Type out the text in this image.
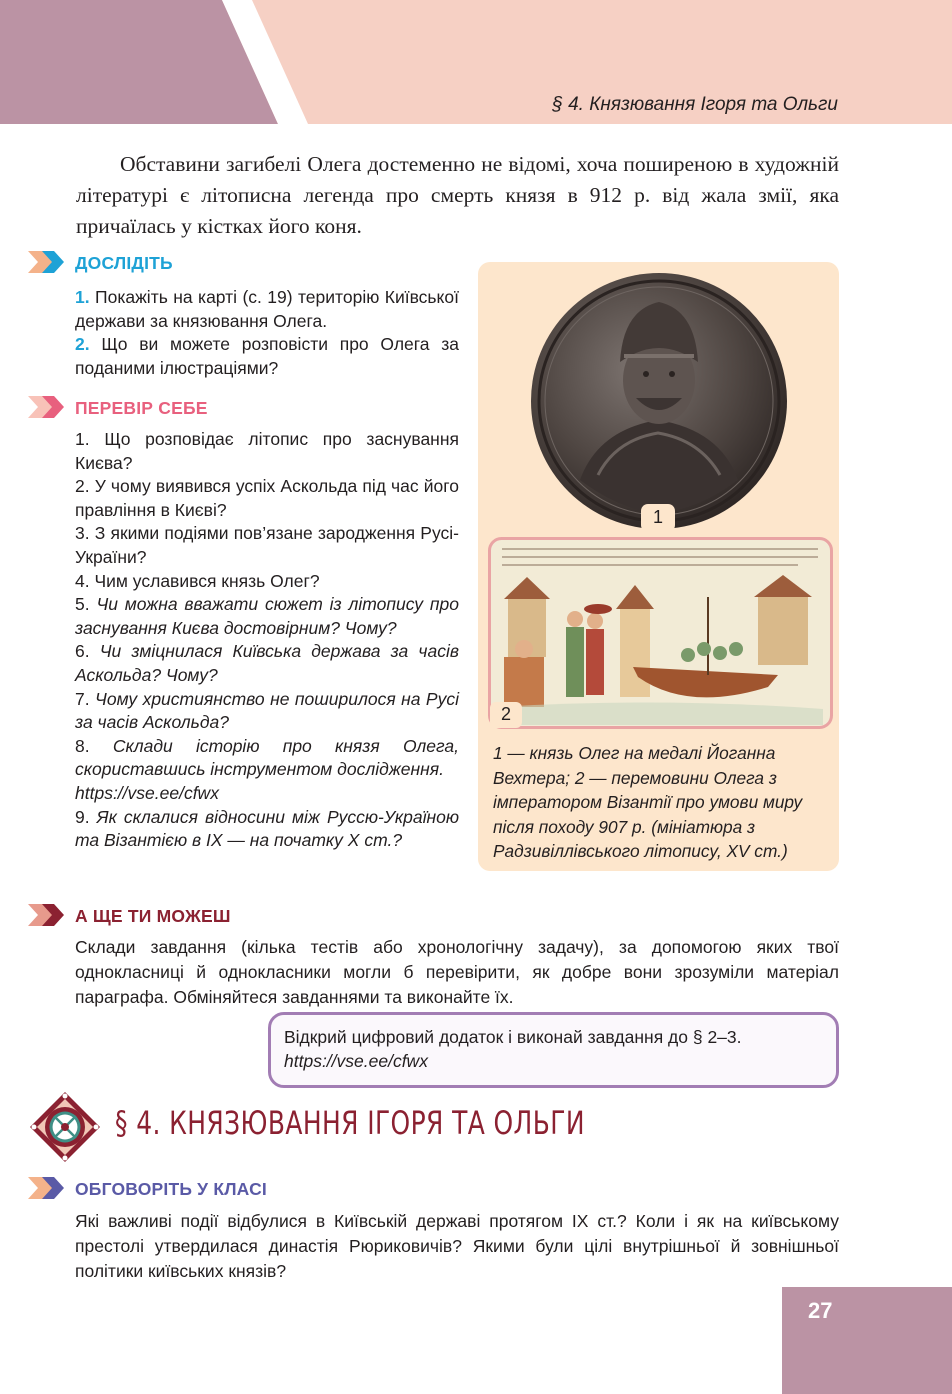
§ 4. Князювання Ігоря та Ольги

Обставини загибелі Олега достеменно не відомі, хоча поширеною в художній літературі є літописна легенда про смерть князя в 912 р. від жала змії, яка причаїлась у кістках його коня.

ДОСЛІДІТЬ

1. Покажіть на карті (с. 19) територію Київської держави за князювання Олега.

2. Що ви можете розповісти про Олега за поданими ілюстраціями?

ПЕРЕВІР СЕБЕ

1. Що розповідає літопис про заснування Києва?

2. У чому виявився успіх Аскольда під час його правління в Києві?

3. З якими подіями пов’язане зародження Русі-України?

4. Чим уславився князь Олег?

5. Чи можна вважати сюжет із літопису про заснування Києва достовірним? Чому?

6. Чи зміцнилася Київська держава за часів Аскольда? Чому?

7. Чому християнство не поширилося на Русі за часів Аскольда?

8. Склади історію про князя Олега, скориставшись інструментом дослідження.
https://vse.ee/cfwx

9. Як склалися відносини між Руссю-Україною та Візантією в ІХ — на початку Х ст.?

1
2

1 — князь Олег на медалі Йоганна Вехтера; 2 — перемовини Олега з імператором Візантії про умови миру після походу 907 р. (мініатюра з Радзивіллівського літопису, XV ст.)

А ЩЕ ТИ МОЖЕШ

Склади завдання (кілька тестів або хронологічну задачу), за допомогою яких твої однокласниці й однокласники могли б перевірити, як добре вони зрозуміли матеріал параграфа. Обміняйтеся завданнями та виконайте їх.

Відкрий цифровий додаток і виконай завдання до § 2–3.
https://vse.ee/cfwx
§ 4. КНЯЗЮВАННЯ ІГОРЯ ТА ОЛЬГИ
ОБГОВОРІТЬ У КЛАСІ

Які важливі події відбулися в Київській державі протягом IX ст.? Коли і як на київському престолі утвердилася династія Рюриковичів? Якими були цілі внутрішньої й зовнішньої політики київських князів?

27
